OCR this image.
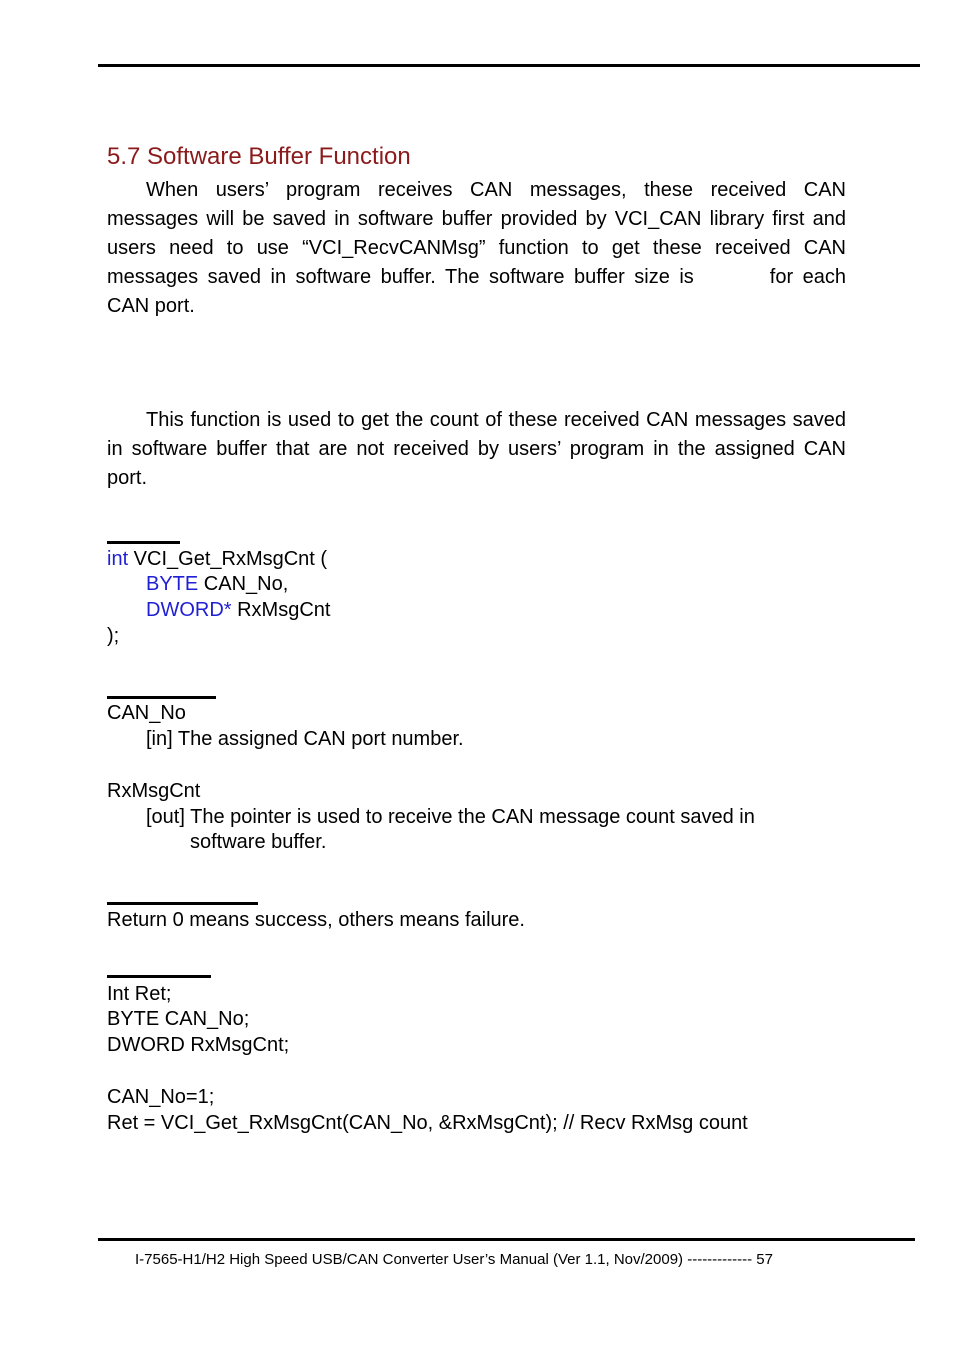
5.7 Software Buffer Function
When users’ program receives CAN messages, these received CAN messages will be saved in software buffer provided by VCI_CAN library first and users need to use “VCI_RecvCANMsg” function to get these received CAN messages saved in software buffer. The software buffer size is	for each CAN port.
This function is used to get the count of these received CAN messages saved in software buffer that are not received by users’ program in the assigned CAN port.
int VCI_Get_RxMsgCnt (
BYTE CAN_No,
DWORD* RxMsgCnt
);
CAN_No
[in] The assigned CAN port number.
RxMsgCnt
[out] The pointer is used to receive the CAN message count saved in
software buffer.
Return 0 means success, others means failure.
Int Ret;
BYTE CAN_No;
DWORD RxMsgCnt;
CAN_No=1;
Ret = VCI_Get_RxMsgCnt(CAN_No, &RxMsgCnt); // Recv RxMsg count
I-7565-H1/H2 High Speed USB/CAN Converter User’s Manual (Ver 1.1, Nov/2009) ------------- 57
